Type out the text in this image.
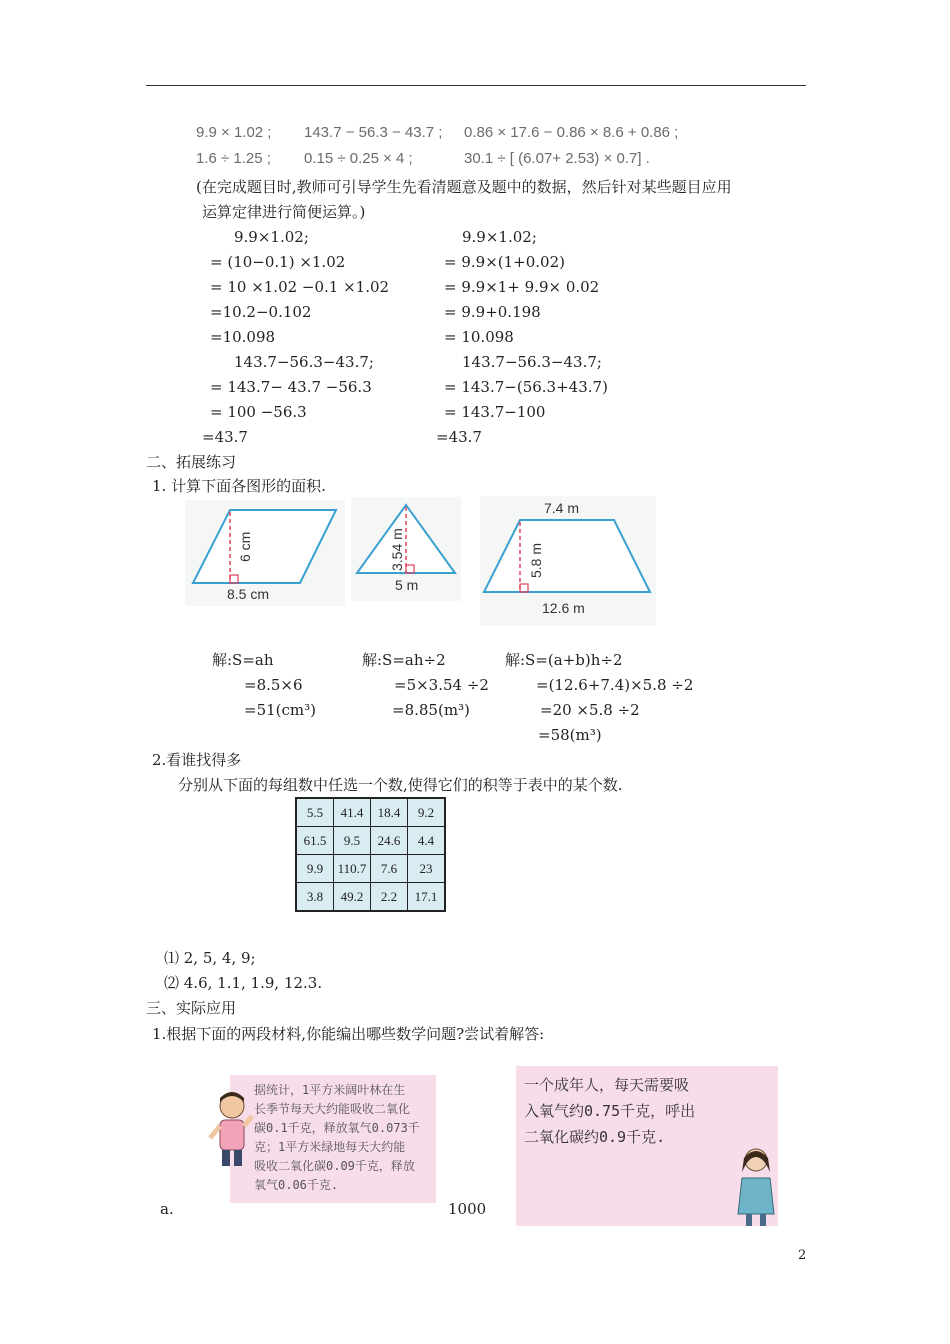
9.9 × 1.02 ; 143.7 − 56.3 − 43.7 ; 0.86 × 17.6 − 0.86 × 8.6 + 0.86 ;
1.6 ÷ 1.25 ; 0.15 ÷ 0.25 × 4 ;	30.1 ÷ [ (6.07+ 2.53) × 0.7] .
(在完成题目时,教师可引导学生先看清题意及题中的数据，然后针对某些题目应用
运算定律进行简便运算。)
9.9×1.02;
= (10−0.1) ×1.02
= 10 ×1.02 −0.1 ×1.02
=10.2−0.102
=10.098
143.7−56.3−43.7;
= 143.7− 43.7 −56.3
= 100 −56.3
=43.7
9.9×1.02;
= 9.9×(1+0.02)
= 9.9×1+ 9.9× 0.02
= 9.9+0.198
= 10.098
143.7−56.3−43.7;
= 143.7−(56.3+43.7)
= 143.7−100
=43.7
二、拓展练习
1. 计算下面各图形的面积.
6 cm
8.5 cm
3.54 m
5 m
7.4 m
5.8 m
12.6 m
解:S=ah
=8.5×6
=51(cm³)
解:S=ah÷2
=5×3.54 ÷2
=8.85(m³)
解:S=(a+b)h÷2
=(12.6+7.4)×5.8 ÷2
=20 ×5.8 ÷2
=58(m³)
2.看谁找得多
分别从下面的每组数中任选一个数,使得它们的积等于表中的某个数.
5.5	41.4	18.4	9.2
61.5	9.5	24.6	4.4
9.9	110.7	7.6	23
3.8	49.2	2.2	17.1
⑴ 2, 5, 4, 9;
⑵ 4.6, 1.1, 1.9, 12.3.
三、实际应用
1.根据下面的两段材料,你能编出哪些数学问题?尝试着解答:
据统计，1平方米阔叶林在生
长季节每天大约能吸收二氧化
碳0.1千克，释放氧气0.073千
克；1平方米绿地每天大约能
吸收二氧化碳0.09千克，释放
氧气0.06千克.
一个成年人，每天需要吸
入氧气约0.75千克，呼出
二氧化碳约0.9千克.
a.	1000
2
